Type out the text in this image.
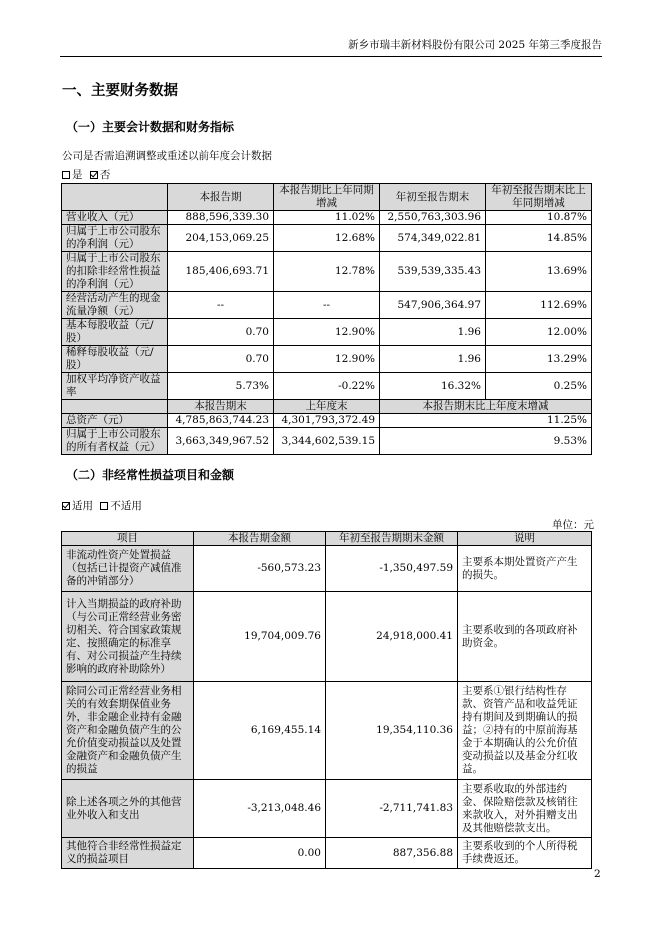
新乡市瑞丰新材料股份有限公司 2025 年第三季度报告
一、主要财务数据
（一）主要会计数据和财务指标
公司是否需追溯调整或重述以前年度会计数据
是 否
	本报告期	本报告期比上年同期增减	年初至报告期末	年初至报告期末比上年同期增减
营业收入（元）	888,596,339.30	11.02%	2,550,763,303.96	10.87%
归属于上市公司股东的净利润（元）	204,153,069.25	12.68%	574,349,022.81	14.85%
归属于上市公司股东的扣除非经常性损益的净利润（元）	185,406,693.71	12.78%	539,539,335.43	13.69%
经营活动产生的现金流量净额（元）	--	--	547,906,364.97	112.69%
基本每股收益（元/股）	0.70	12.90%	1.96	12.00%
稀释每股收益（元/股）	0.70	12.90%	1.96	13.29%
加权平均净资产收益率	5.73%	-0.22%	16.32%	0.25%
	本报告期末	上年度末	本报告期末比上年度末增减	
总资产（元）	4,785,863,744.23	4,301,793,372.49	11.25%	
归属于上市公司股东的所有者权益（元）	3,663,349,967.52	3,344,602,539.15	9.53%	
（二）非经常性损益项目和金额
适用 不适用
单位：元
项目	本报告期金额	年初至报告期期末金额	说明
非流动性资产处置损益（包括已计提资产减值准备的冲销部分）	-560,573.23	-1,350,497.59	主要系本期处置资产产生的损失。
计入当期损益的政府补助（与公司正常经营业务密切相关、符合国家政策规定、按照确定的标准享有、对公司损益产生持续影响的政府补助除外）	19,704,009.76	24,918,000.41	主要系收到的各项政府补助资金。
除同公司正常经营业务相关的有效套期保值业务外，非金融企业持有金融资产和金融负债产生的公允价值变动损益以及处置金融资产和金融负债产生的损益	6,169,455.14	19,354,110.36	主要系①银行结构性存款、资管产品和收益凭证持有期间及到期确认的损益；②持有的中原前海基金于本期确认的公允价值变动损益以及基金分红收益。
除上述各项之外的其他营业外收入和支出	-3,213,048.46	-2,711,741.83	主要系收取的外部违约金、保险赔偿款及核销往来款收入，对外捐赠支出及其他赔偿款支出。
其他符合非经常性损益定义的损益项目	0.00	887,356.88	主要系收到的个人所得税手续费返还。
2
